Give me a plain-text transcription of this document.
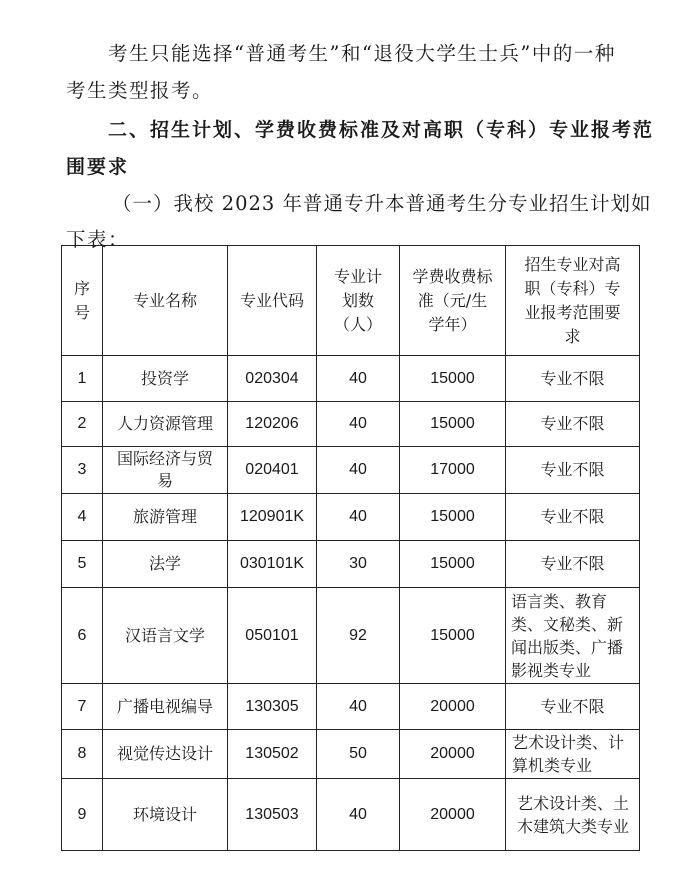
考生只能选择“普通考生”和“退役大学生士兵”中的一种
考生类型报考。
二、招生计划、学费收费标准及对高职（专科）专业报考范
围要求
（一）我校 2023 年普通专升本普通考生分专业招生计划如
下表：
序号	专业名称	专业代码	专业计划数（人）	学费收费标准（元/生学年）	招生专业对高职（专科）专业报考范围要求
1	投资学	020304	40	15000	专业不限
2	人力资源管理	120206	40	15000	专业不限
3	国际经济与贸易	020401	40	17000	专业不限
4	旅游管理	120901K	40	15000	专业不限
5	法学	030101K	30	15000	专业不限
6	汉语言文学	050101	92	15000	语言类、教育类、文秘类、新闻出版类、广播影视类专业
7	广播电视编导	130305	40	20000	专业不限
8	视觉传达设计	130502	50	20000	艺术设计类、计算机类专业
9	环境设计	130503	40	20000	艺术设计类、土木建筑大类专业
